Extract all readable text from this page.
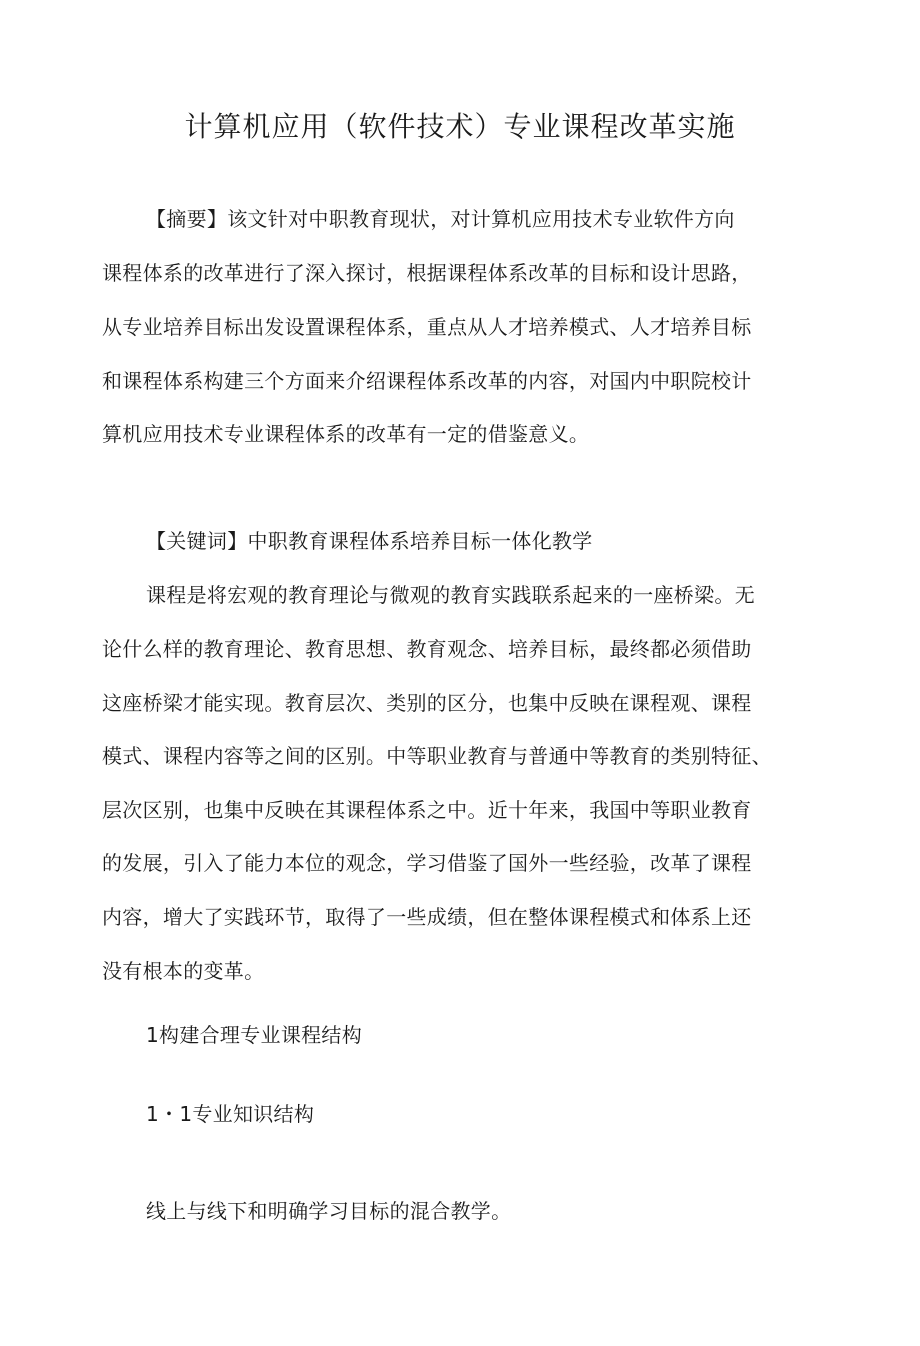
计算机应用（软件技术）专业课程改革实施
【摘要】该文针对中职教育现状，对计算机应用技术专业软件方向
课程体系的改革进行了深入探讨，根据课程体系改革的目标和设计思路，
从专业培养目标出发设置课程体系，重点从人才培养模式、人才培养目标
和课程体系构建三个方面来介绍课程体系改革的内容，对国内中职院校计
算机应用技术专业课程体系的改革有一定的借鉴意义。
【关键词】中职教育课程体系培养目标一体化教学
课程是将宏观的教育理论与微观的教育实践联系起来的一座桥梁。无
论什么样的教育理论、教育思想、教育观念、培养目标，最终都必须借助
这座桥梁才能实现。教育层次、类别的区分，也集中反映在课程观、课程
模式、课程内容等之间的区别。中等职业教育与普通中等教育的类别特征、
层次区别，也集中反映在其课程体系之中。近十年来，我国中等职业教育
的发展，引入了能力本位的观念，学习借鉴了国外一些经验，改革了课程
内容，增大了实践环节，取得了一些成绩，但在整体课程模式和体系上还
没有根本的变革。
1构建合理专业课程结构
1・1专业知识结构
线上与线下和明确学习目标的混合教学。
